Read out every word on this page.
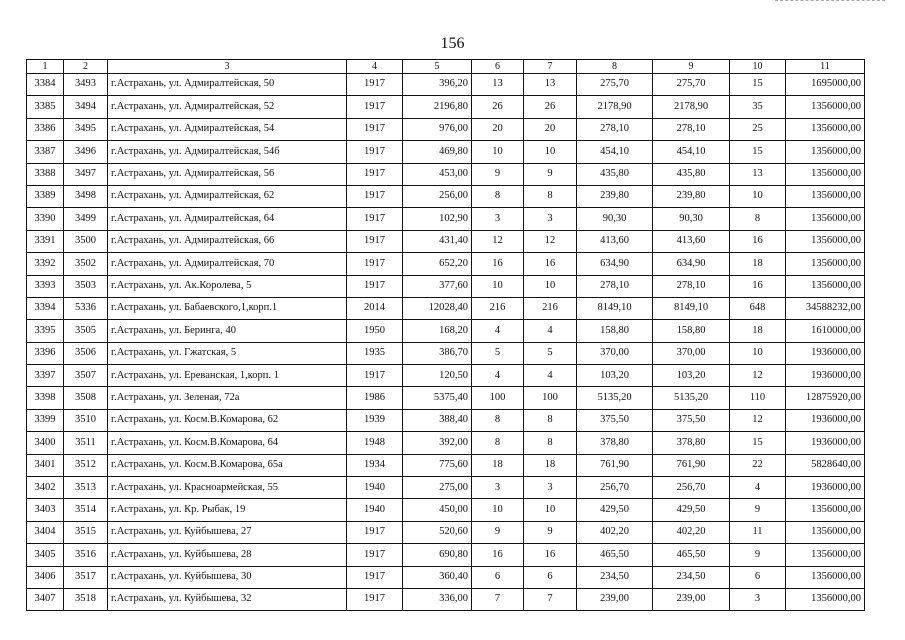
156
1	2	3	4	5	6	7	8	9	10	11
3384	3493	г.Астрахань, ул. Адмиралтейская, 50	1917	396,20	13	13	275,70	275,70	15	1695000,00
3385	3494	г.Астрахань, ул. Адмиралтейская, 52	1917	2196,80	26	26	2178,90	2178,90	35	1356000,00
3386	3495	г.Астрахань, ул. Адмиралтейская, 54	1917	976,00	20	20	278,10	278,10	25	1356000,00
3387	3496	г.Астрахань, ул. Адмиралтейская, 54б	1917	469,80	10	10	454,10	454,10	15	1356000,00
3388	3497	г.Астрахань, ул. Адмиралтейская, 56	1917	453,00	9	9	435,80	435,80	13	1356000,00
3389	3498	г.Астрахань, ул. Адмиралтейская, 62	1917	256,00	8	8	239,80	239,80	10	1356000,00
3390	3499	г.Астрахань, ул. Адмиралтейская, 64	1917	102,90	3	3	90,30	90,30	8	1356000,00
3391	3500	г.Астрахань, ул. Адмиралтейская, 66	1917	431,40	12	12	413,60	413,60	16	1356000,00
3392	3502	г.Астрахань, ул. Адмиралтейская, 70	1917	652,20	16	16	634,90	634,90	18	1356000,00
3393	3503	г.Астрахань, ул. Ак.Королева, 5	1917	377,60	10	10	278,10	278,10	16	1356000,00
3394	5336	г.Астрахань, ул. Бабаевского,1,корп.1	2014	12028,40	216	216	8149,10	8149,10	648	34588232,00
3395	3505	г.Астрахань, ул. Беринга, 40	1950	168,20	4	4	158,80	158,80	18	1610000,00
3396	3506	г.Астрахань, ул. Гжатская, 5	1935	386,70	5	5	370,00	370,00	10	1936000,00
3397	3507	г.Астрахань, ул. Ереванская, 1,корп. 1	1917	120,50	4	4	103,20	103,20	12	1936000,00
3398	3508	г.Астрахань, ул. Зеленая, 72а	1986	5375,40	100	100	5135,20	5135,20	110	12875920,00
3399	3510	г.Астрахань, ул. Косм.В.Комарова, 62	1939	388,40	8	8	375,50	375,50	12	1936000,00
3400	3511	г.Астрахань, ул. Косм.В.Комарова, 64	1948	392,00	8	8	378,80	378,80	15	1936000,00
3401	3512	г.Астрахань, ул. Косм.В.Комарова, 65а	1934	775,60	18	18	761,90	761,90	22	5828640,00
3402	3513	г.Астрахань, ул. Красноармейская, 55	1940	275,00	3	3	256,70	256,70	4	1936000,00
3403	3514	г.Астрахань, ул. Кр. Рыбак, 19	1940	450,00	10	10	429,50	429,50	9	1356000,00
3404	3515	г.Астрахань, ул. Куйбышева, 27	1917	520,60	9	9	402,20	402,20	11	1356000,00
3405	3516	г.Астрахань, ул. Куйбышева, 28	1917	690,80	16	16	465,50	465,50	9	1356000,00
3406	3517	г.Астрахань, ул. Куйбышева, 30	1917	360,40	6	6	234,50	234,50	6	1356000,00
3407	3518	г.Астрахань, ул. Куйбышева, 32	1917	336,00	7	7	239,00	239,00	3	1356000,00
